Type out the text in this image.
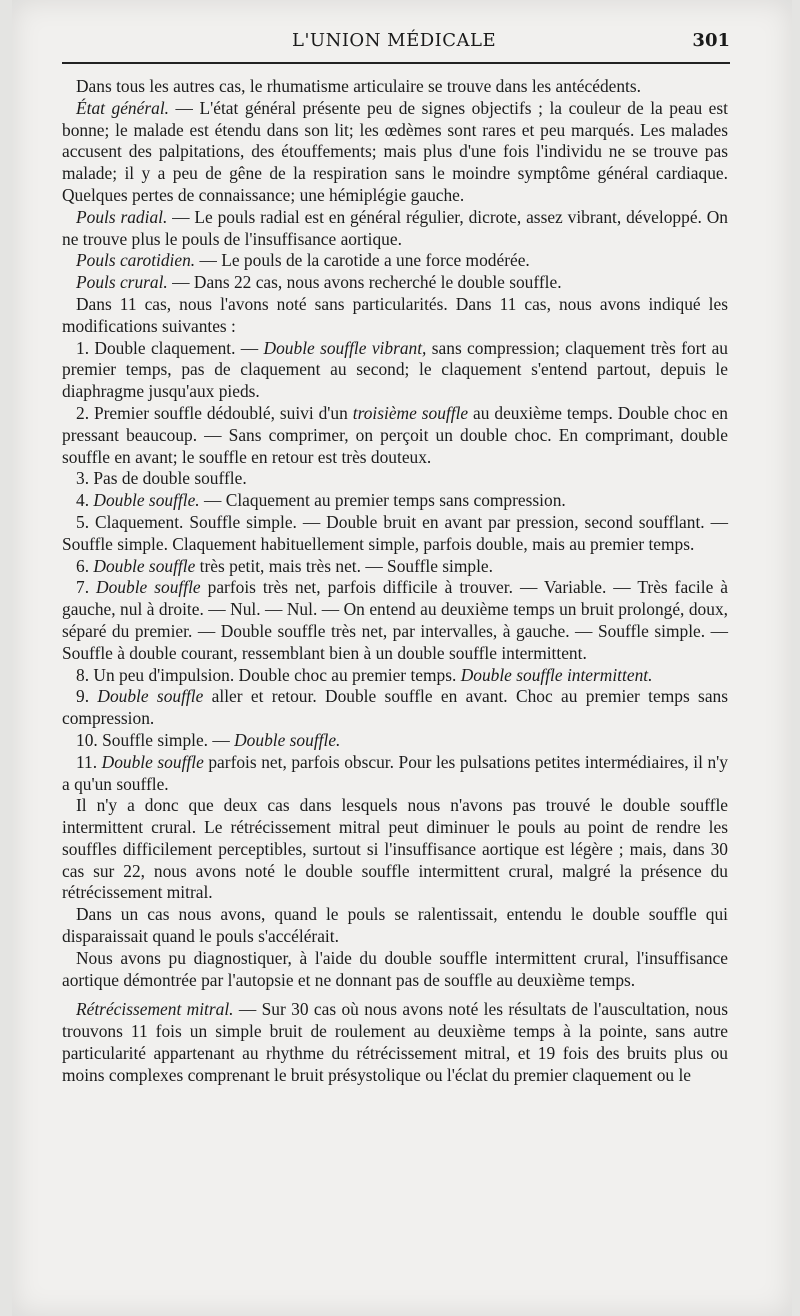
L'UNION MÉDICALE	301

Dans tous les autres cas, le rhumatisme articulaire se trouve dans les antécédents.

État général. — L'état général présente peu de signes objectifs ; la couleur de la peau est bonne; le malade est étendu dans son lit; les œdèmes sont rares et peu marqués. Les malades accusent des palpitations, des étouffements; mais plus d'une fois l'individu ne se trouve pas malade; il y a peu de gêne de la respiration sans le moindre symptôme général cardiaque. Quelques pertes de connaissance; une hémiplégie gauche.

Pouls radial. — Le pouls radial est en général régulier, dicrote, assez vibrant, développé. On ne trouve plus le pouls de l'insuffisance aortique.

Pouls carotidien. — Le pouls de la carotide a une force modérée.

Pouls crural. — Dans 22 cas, nous avons recherché le double souffle.

Dans 11 cas, nous l'avons noté sans particularités. Dans 11 cas, nous avons indiqué les modifications suivantes :

1. Double claquement. — Double souffle vibrant, sans compression; claquement très fort au premier temps, pas de claquement au second; le claquement s'entend partout, depuis le diaphragme jusqu'aux pieds.

2. Premier souffle dédoublé, suivi d'un troisième souffle au deuxième temps. Double choc en pressant beaucoup. — Sans comprimer, on perçoit un double choc. En comprimant, double souffle en avant; le souffle en retour est très douteux.

3. Pas de double souffle.

4. Double souffle. — Claquement au premier temps sans compression.

5. Claquement. Souffle simple. — Double bruit en avant par pression, second soufflant. — Souffle simple. Claquement habituellement simple, parfois double, mais au premier temps.

6. Double souffle très petit, mais très net. — Souffle simple.

7. Double souffle parfois très net, parfois difficile à trouver. — Variable. — Très facile à gauche, nul à droite. — Nul. — Nul. — On entend au deuxième temps un bruit prolongé, doux, séparé du premier. — Double souffle très net, par intervalles, à gauche. — Souffle simple. — Souffle à double courant, ressemblant bien à un double souffle intermittent.

8. Un peu d'impulsion. Double choc au premier temps. Double souffle intermittent.

9. Double souffle aller et retour. Double souffle en avant. Choc au premier temps sans compression.

10. Souffle simple. — Double souffle.

11. Double souffle parfois net, parfois obscur. Pour les pulsations petites intermédiaires, il n'y a qu'un souffle.

Il n'y a donc que deux cas dans lesquels nous n'avons pas trouvé le double souffle intermittent crural. Le rétrécissement mitral peut diminuer le pouls au point de rendre les souffles difficilement perceptibles, surtout si l'insuffisance aortique est légère ; mais, dans 30 cas sur 22, nous avons noté le double souffle intermittent crural, malgré la présence du rétrécissement mitral.

Dans un cas nous avons, quand le pouls se ralentissait, entendu le double souffle qui disparaissait quand le pouls s'accélérait.

Nous avons pu diagnostiquer, à l'aide du double souffle intermittent crural, l'insuffisance aortique démontrée par l'autopsie et ne donnant pas de souffle au deuxième temps.

Rétrécissement mitral. — Sur 30 cas où nous avons noté les résultats de l'auscultation, nous trouvons 11 fois un simple bruit de roulement au deuxième temps à la pointe, sans autre particularité appartenant au rhythme du rétrécissement mitral, et 19 fois des bruits plus ou moins complexes comprenant le bruit présystolique ou l'éclat du premier claquement ou le
